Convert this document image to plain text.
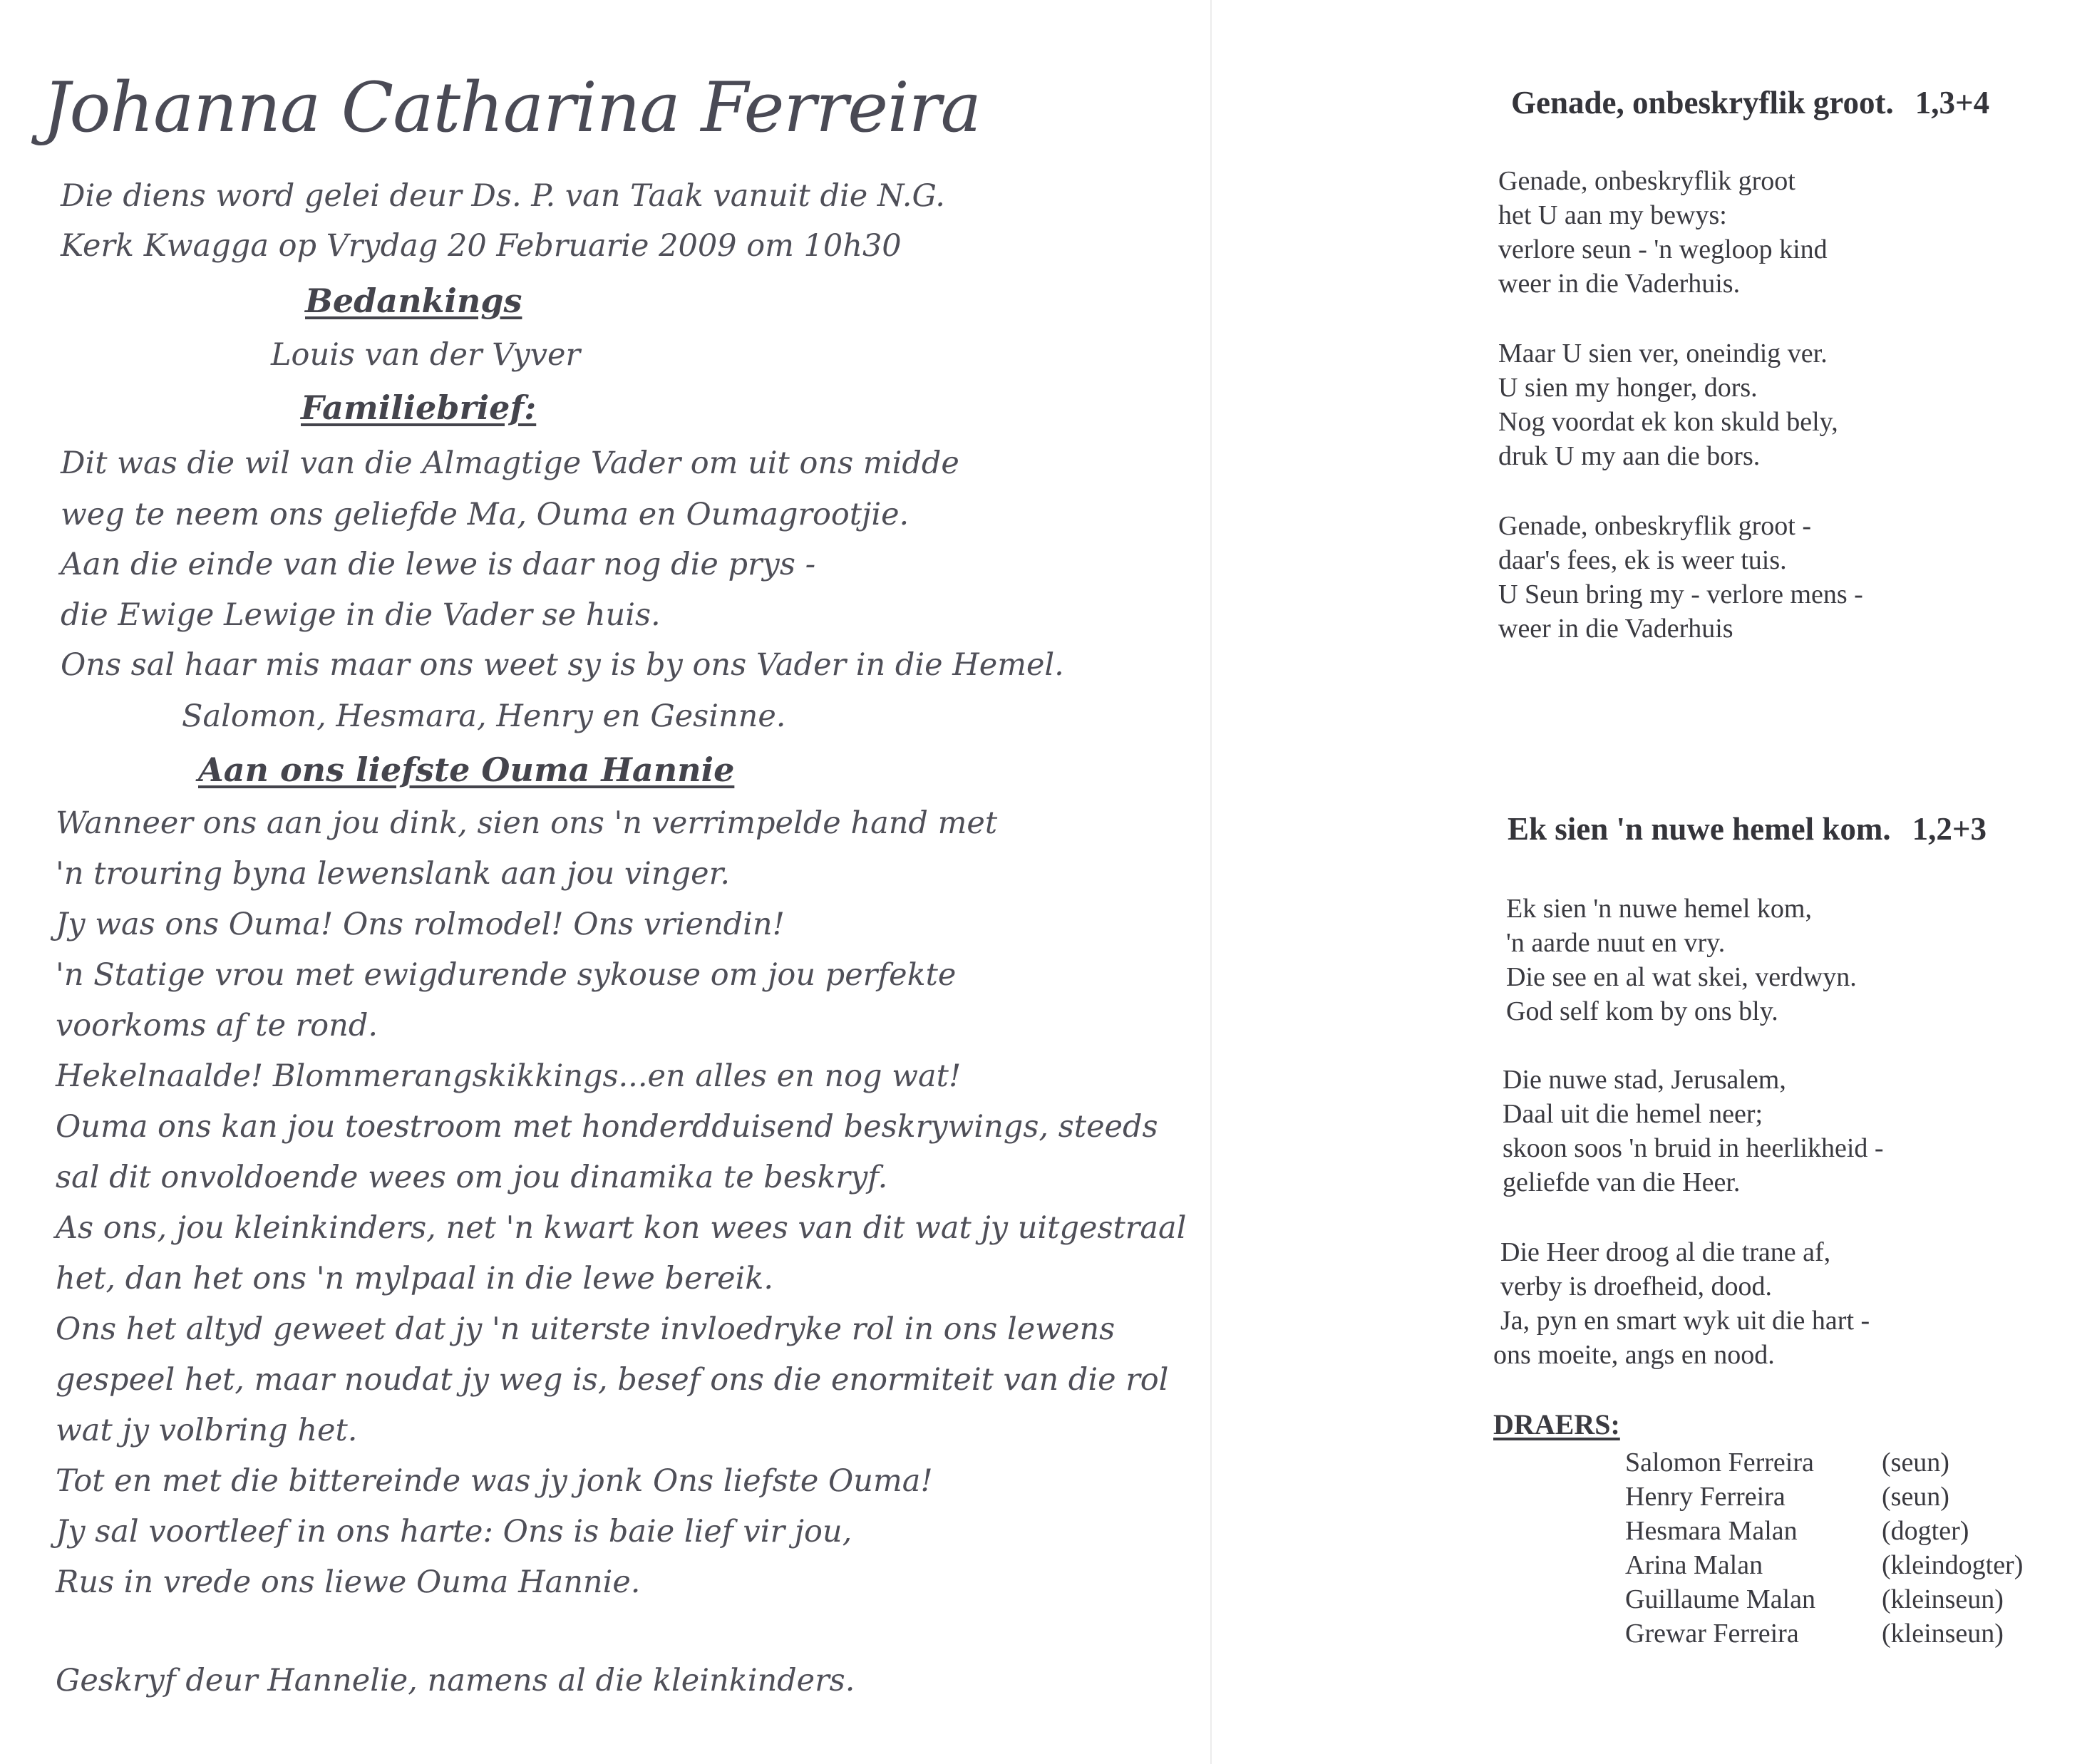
Johanna Catharina Ferreira
Die diens word gelei deur Ds. P. van Taak vanuit die N.G.
Kerk Kwagga op Vrydag 20 Februarie 2009 om 10h30
Bedankings
Louis van der Vyver
Familiebrief:
Dit was die wil van die Almagtige Vader om uit ons midde
weg te neem ons geliefde Ma, Ouma en Oumagrootjie.
Aan die einde van die lewe is daar nog die prys -
die Ewige Lewige in die Vader se huis.
Ons sal haar mis maar ons weet sy is by ons Vader in die Hemel.
Salomon, Hesmara, Henry en Gesinne.
Aan ons liefste Ouma Hannie
Wanneer ons aan jou dink, sien ons 'n verrimpelde hand met
'n trouring byna lewenslank aan jou vinger.
Jy was ons Ouma! Ons rolmodel! Ons vriendin!
'n Statige vrou met ewigdurende sykouse om jou perfekte
voorkoms af te rond.
Hekelnaalde! Blommerangskikkings...en alles en nog wat!
Ouma ons kan jou toestroom met honderdduisend beskrywings, steeds
sal dit onvoldoende wees om jou dinamika te beskryf.
As ons, jou kleinkinders, net 'n kwart kon wees van dit wat jy uitgestraal
het, dan het ons 'n mylpaal in die lewe bereik.
Ons het altyd geweet dat jy 'n uiterste invloedryke rol in ons lewens
gespeel het, maar noudat jy weg is, besef ons die enormiteit van die rol
wat jy volbring het.
Tot en met die bittereinde was jy jonk Ons liefste Ouma!
Jy sal voortleef in ons harte: Ons is baie lief vir jou,
Rus in vrede ons liewe Ouma Hannie.
Geskryf deur Hannelie, namens al die kleinkinders.
Genade, onbeskryflik groot. 1,3+4
Genade, onbeskryflik groot
het U aan my bewys:
verlore seun - 'n wegloop kind
weer in die Vaderhuis.
Maar U sien ver, oneindig ver.
U sien my honger, dors.
Nog voordat ek kon skuld bely,
druk U my aan die bors.
Genade, onbeskryflik groot -
daar's fees, ek is weer tuis.
U Seun bring my - verlore mens -
weer in die Vaderhuis
Ek sien 'n nuwe hemel kom. 1,2+3
Ek sien 'n nuwe hemel kom,
'n aarde nuut en vry.
Die see en al wat skei, verdwyn.
God self kom by ons bly.
Die nuwe stad, Jerusalem,
Daal uit die hemel neer;
skoon soos 'n bruid in heerlikheid -
geliefde van die Heer.
Die Heer droog al die trane af,
verby is droefheid, dood.
Ja, pyn en smart wyk uit die hart -
ons moeite, angs en nood.
DRAERS:
Salomon Ferreira	(seun)
Henry Ferreira	(seun)
Hesmara Malan	(dogter)
Arina Malan	(kleindogter)
Guillaume Malan (kleinseun)
Grewar Ferreira	(kleinseun)
